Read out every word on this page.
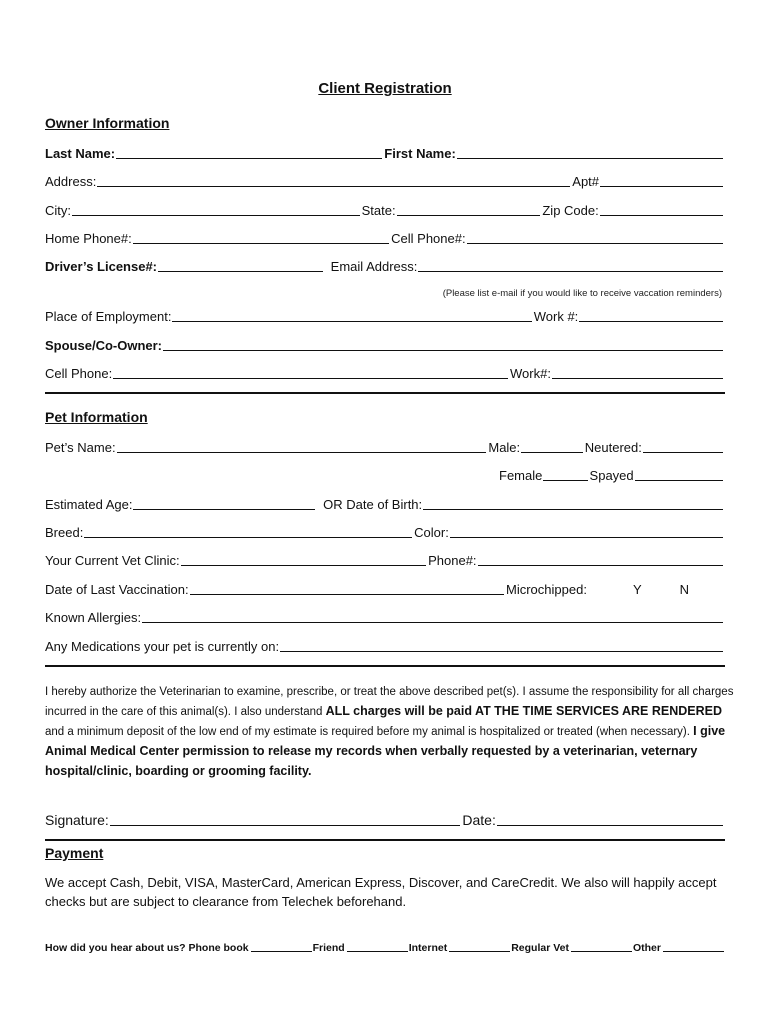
Client Registration
Owner Information
Last Name:	First Name:
Address:	Apt#
City:	State:	Zip Code:
Home Phone#:	Cell Phone#:
Driver’s License#:	Email Address:
(Please list e-mail if you would like to receive vaccation reminders)
Place of Employment:	Work #:
Spouse/Co-Owner:
Cell Phone:	Work#:
Pet Information
Pet’s Name:	Male:	Neutered:
Female	Spayed
Estimated Age:	OR Date of Birth:
Breed:	Color:
Your Current Vet Clinic:	Phone#:
Date of Last Vaccination:	Microchipped:	Y	N
Known Allergies:
Any Medications your pet is currently on:
I hereby authorize the Veterinarian to examine, prescribe, or treat the above described pet(s). I assume the responsibility for all charges incurred in the care of this animal(s). I also understand ALL charges will be paid AT THE TIME SERVICES ARE RENDERED and a minimum deposit of the low end of my estimate is required before my animal is hospitalized or treated (when necessary). I give Animal Medical Center permission to release my records when verbally requested by a veterinarian, veternary hospital/clinic, boarding or grooming facility.
Signature:	Date:
Payment
We accept Cash, Debit, VISA, MasterCard, American Express, Discover, and CareCredit. We also will happily accept checks but are subject to clearance from Telechek beforehand.
How did you hear about us? Phone book	Friend	Internet	Regular Vet	Other
